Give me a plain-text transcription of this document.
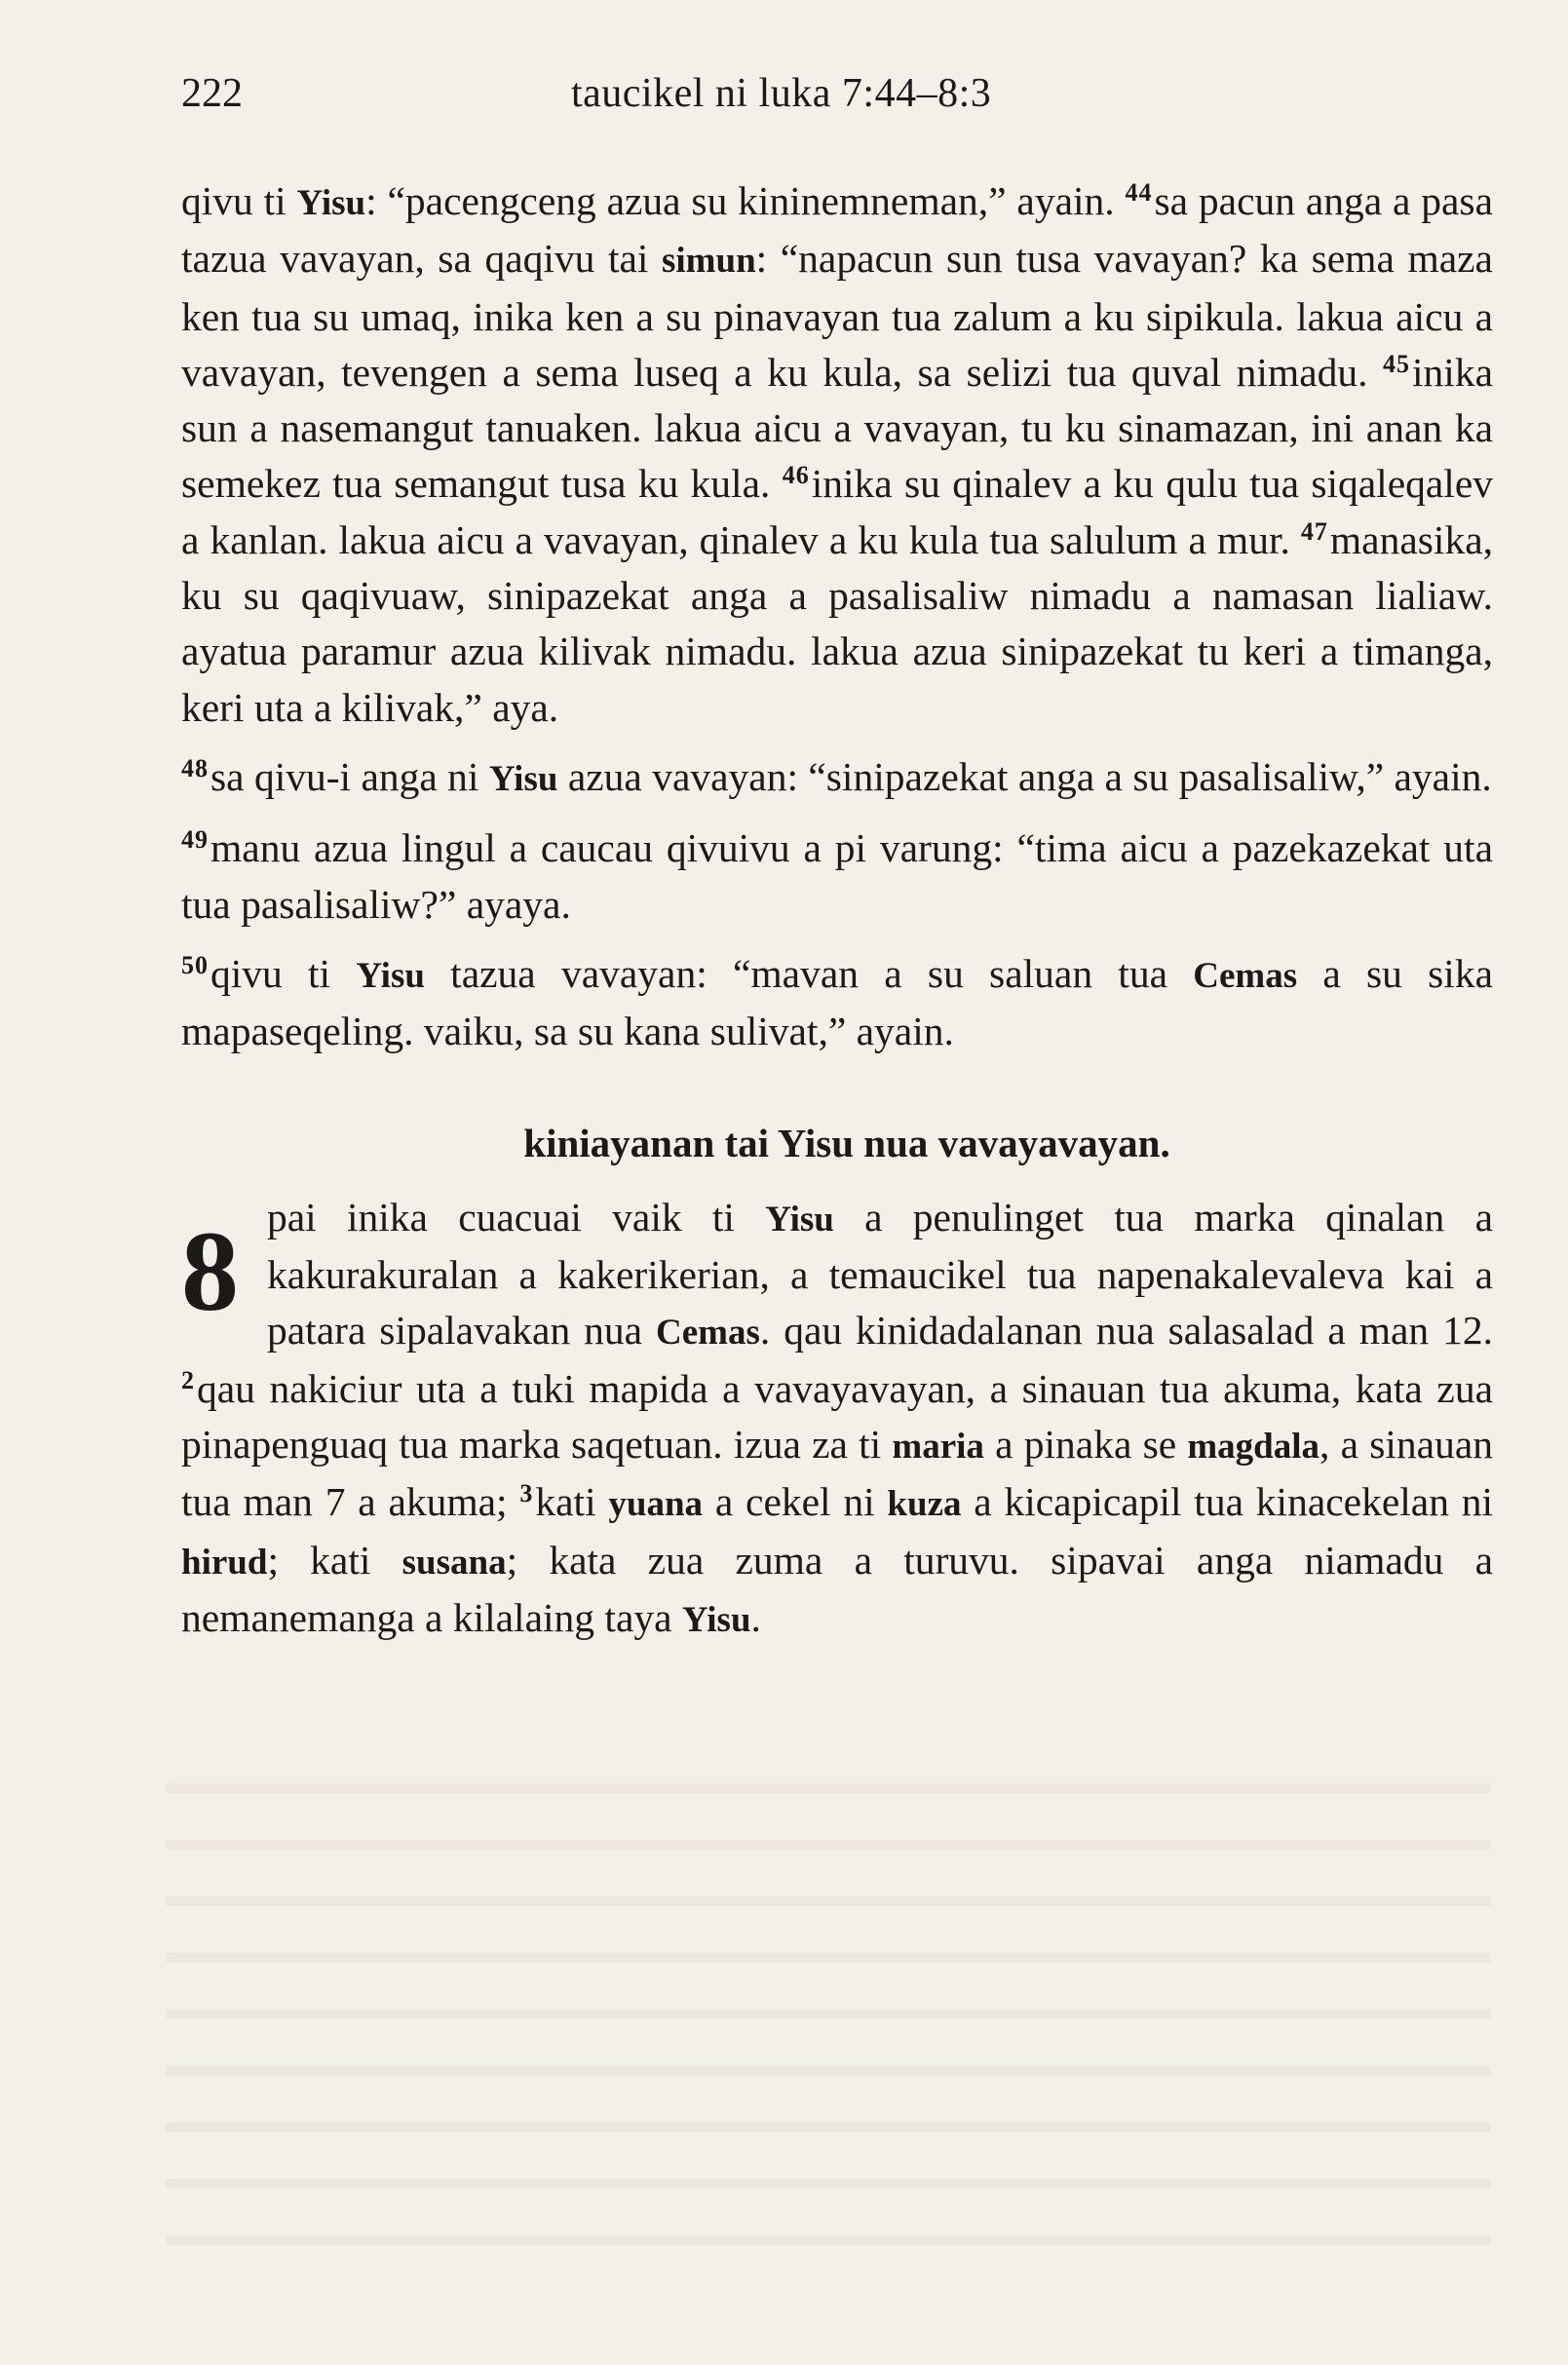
222	taucikel ni luka 7:44–8:3

qivu ti Yisu: “pacengceng azua su kininemneman,” ayain. $^{44}$sa pacun anga a pasa tazua vavayan, sa qaqivu tai simun: “napacun sun tusa vavayan? ka sema maza ken tua su umaq, inika ken a su pinavayan tua zalum a ku sipikula. lakua aicu a vavayan, tevengen a sema luseq a ku kula, sa selizi tua quval nimadu. $^{45}$inika sun a nasemangut tanuaken. lakua aicu a vavayan, tu ku sinamazan, ini anan ka semekez tua semangut tusa ku kula. $^{46}$inika su qinalev a ku qulu tua siqaleqalev a kanlan. lakua aicu a vavayan, qinalev a ku kula tua salulum a mur. $^{47}$manasika, ku su qaqivuaw, sinipazekat anga a pasalisaliw nimadu a namasan lialiaw. ayatua paramur azua kilivak nimadu. lakua azua sinipazekat tu keri a timanga, keri uta a kilivak,” aya.

$^{48}$sa qivu-i anga ni Yisu azua vavayan: “sinipazekat anga a su pasalisaliw,” ayain.

$^{49}$manu azua lingul a caucau qivuivu a pi varung: “tima aicu a pazekazekat uta tua pasalisaliw?” ayaya.

$^{50}$qivu ti Yisu tazua vavayan: “mavan a su saluan tua Cemas a su sika mapaseqeling. vaiku, sa su kana sulivat,” ayain.

kiniayanan tai Yisu nua vavayavayan.

8 pai inika cuacuai vaik ti Yisu a penulinget tua marka qinalan a kakurakuralan a kakerikerian, a temaucikel tua napenakalevaleva kai a patara sipalavakan nua Cemas. qau kinidadalanan nua salasalad a man 12. $^2$qau nakiciur uta a tuki mapida a vavayavayan, a sinauan tua akuma, kata zua pinapenguaq tua marka saqetuan. izua za ti maria a pinaka se magdala, a sinauan tua man 7 a akuma; $^3$kati yuana a cekel ni kuza a kicapicapil tua kinacekelan ni hirud; kati susana; kata zua zuma a turuvu. sipavai anga niamadu a nemanemanga a kilalaing taya Yisu.
